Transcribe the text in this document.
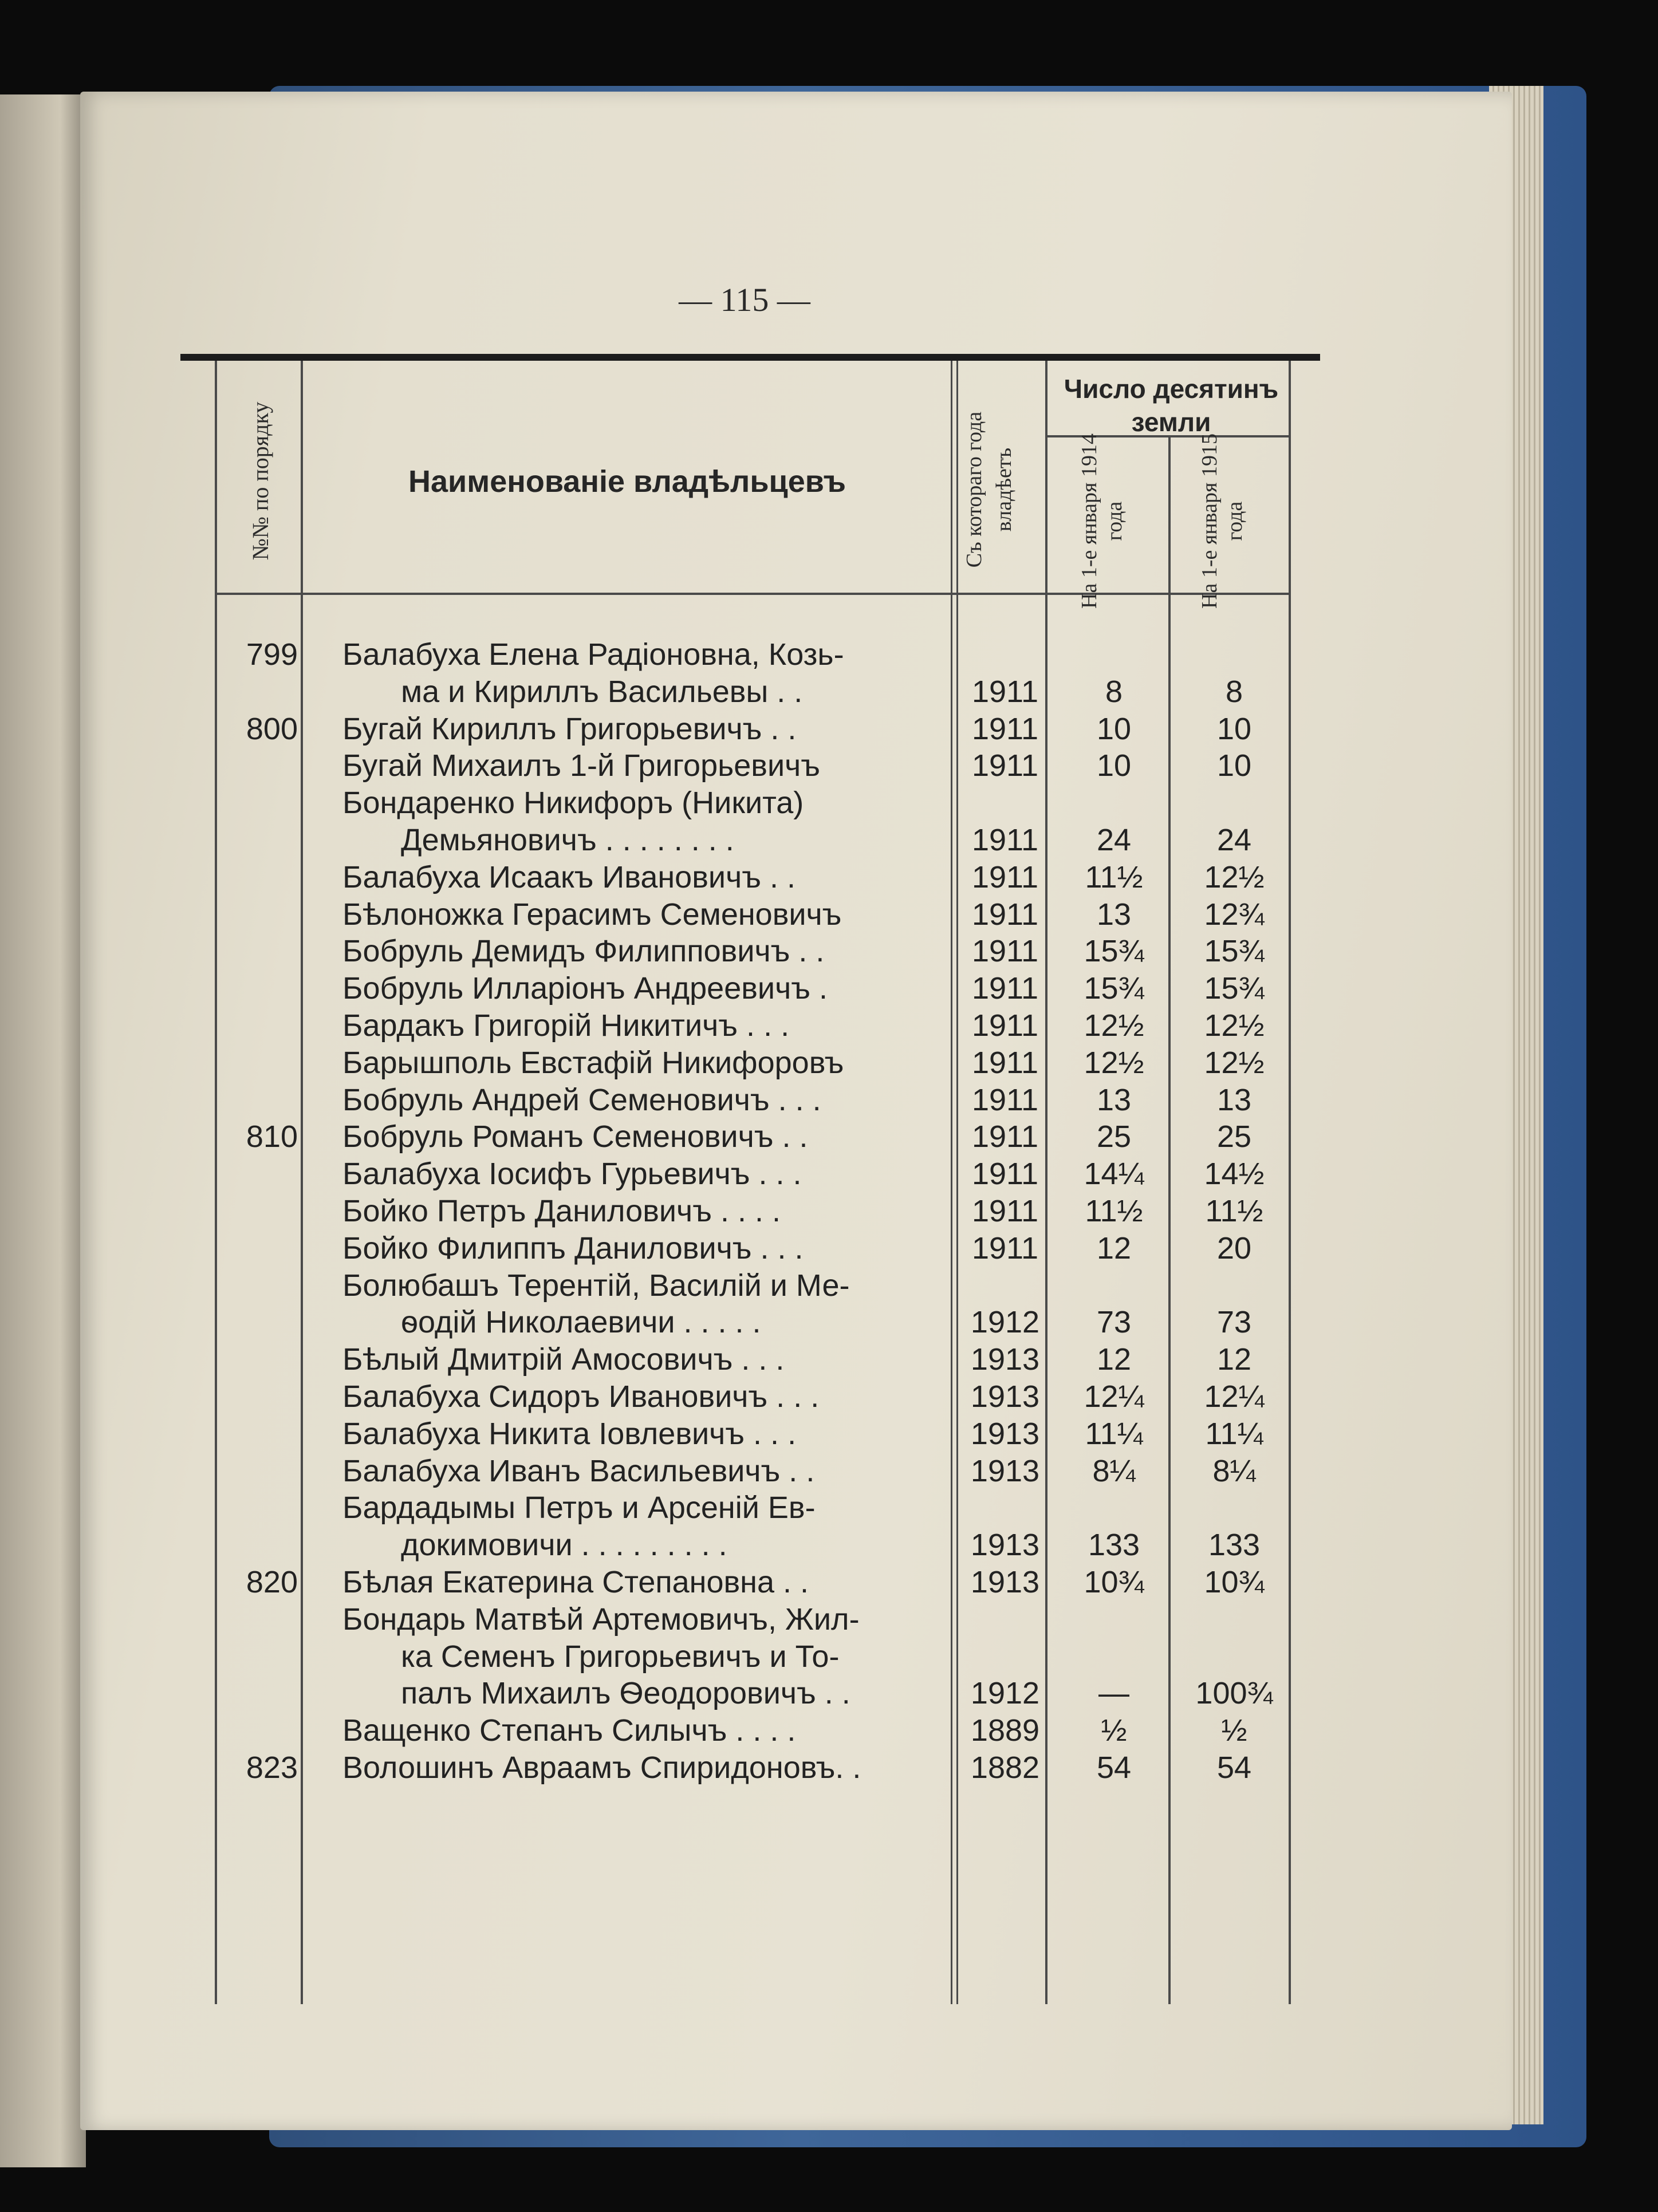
— 115 —
№№ по порядку	Наименованіе владѣльцевъ	Съ котораго года владѣетъ
Число десятинъ земли
На 1-е января 1914 года	На 1-е января 1915 года
799 Балабуха Елена Радіоновна, Козь-
ма и Кириллъ Васильевы . .	1911	8	8
800 Бугай Кириллъ Григорьевичъ . .	1911	10	10
Бугай Михаилъ 1-й Григорьевичъ	1911	10	10
Бондаренко Никифоръ (Никита)
Демьяновичъ . . . . . . . .	1911	24	24
Балабуха Исаакъ Ивановичъ . .	1911	11½	12½
Бѣлоножка Герасимъ Семеновичъ	1911	13	12¾
Бобруль Демидъ Филипповичъ . .	1911	15¾	15¾
Бобруль Илларіонъ Андреевичъ .	1911	15¾	15¾
Бардакъ Григорій Никитичъ . . .	1911	12½	12½
Барышполь Евстафій Никифоровъ	1911	12½	12½
Бобруль Андрей Семеновичъ . . .	1911	13	13
810 Бобруль Романъ Семеновичъ . .	1911	25	25
Балабуха Іосифъ Гурьевичъ . . .	1911	14¼	14½
Бойко Петръ Даниловичъ . . . .	1911	11½	11½
Бойко Филиппъ Даниловичъ . . .	1911	12	20
Болюбашъ Терентій, Василій и Ме-
ѳодій Николаевичи . . . . .	1912	73	73
Бѣлый Дмитрій Амосовичъ . . .	1913	12	12
Балабуха Сидоръ Ивановичъ . . .	1913	12¼	12¼
Балабуха Никита Іовлевичъ . . .	1913	11¼	11¼
Балабуха Иванъ Васильевичъ . .	1913	8¼	8¼
Бардадымы Петръ и Арсеній Ев-
докимовичи . . . . . . . . .	1913	133	133
820 Бѣлая Екатерина Степановна . .	1913	10¾	10¾
Бондарь Матвѣй Артемовичъ, Жил-
ка Семенъ Григорьевичъ и То-
палъ Михаилъ Ѳеодоровичъ . .	1912	—	100¾
Ващенко Степанъ Силычъ . . . .	1889	½	½
823 Волошинъ Авраамъ Спиридоновъ. .	1882	54	54
